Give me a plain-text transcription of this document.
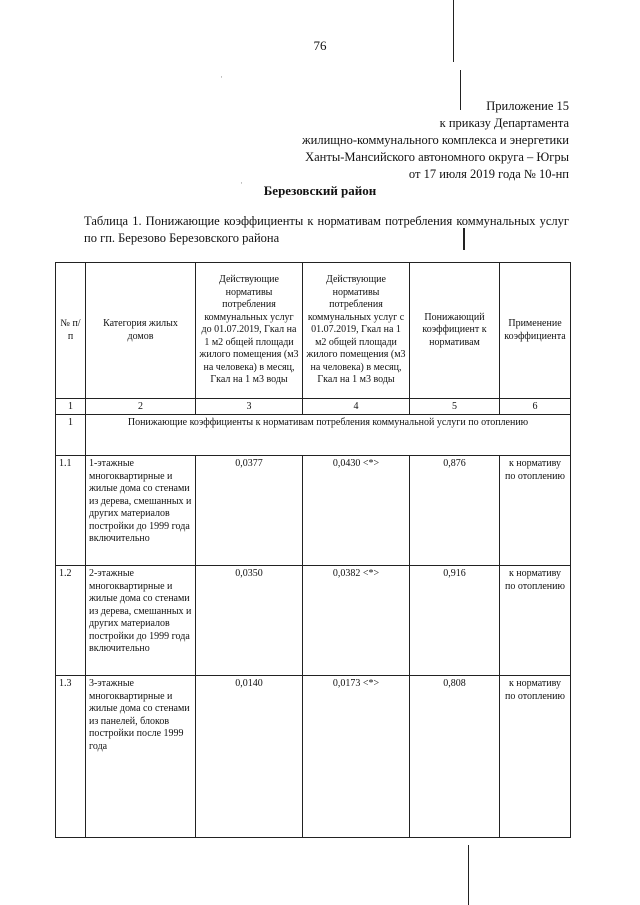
76
·
·
Приложение 15
к приказу Департамента
жилищно-коммунального комплекса и энергетики
Ханты-Мансийского автономного округа – Югры
от 17 июля 2019 года № 10-нп
Березовский район
Таблица 1. Понижающие коэффициенты к нормативам потребления коммунальных услуг по гп. Березово Березовского района
№ п/п	Категория жилых домов	Действующие нормативы потребления коммунальных услуг до 01.07.2019, Гкал на 1 м2 общей площади жилого помещения (м3 на человека) в месяц, Гкал на 1 м3 воды	Действующие нормативы потребления коммунальных услуг с 01.07.2019, Гкал на 1 м2 общей площади жилого помещения (м3 на человека) в месяц, Гкал на 1 м3 воды	Понижающий коэффициент к нормативам	Применение коэффициента
1	2	3	4	5	6
1	Понижающие коэффициенты к нормативам потребления коммунальной услуги по отоплению				
1.1	1-этажные многоквартирные и жилые дома со стенами из дерева, смешанных и других материалов постройки до 1999 года включительно	0,0377	0,0430 <*>	0,876	к нормативу по отоплению
1.2	2-этажные многоквартирные и жилые дома со стенами из дерева, смешанных и других материалов постройки до 1999 года включительно	0,0350	0,0382 <*>	0,916	к нормативу по отоплению
1.3	3-этажные многоквартирные и жилые дома со стенами из панелей, блоков постройки после 1999 года	0,0140	0,0173 <*>	0,808	к нормативу по отоплению
